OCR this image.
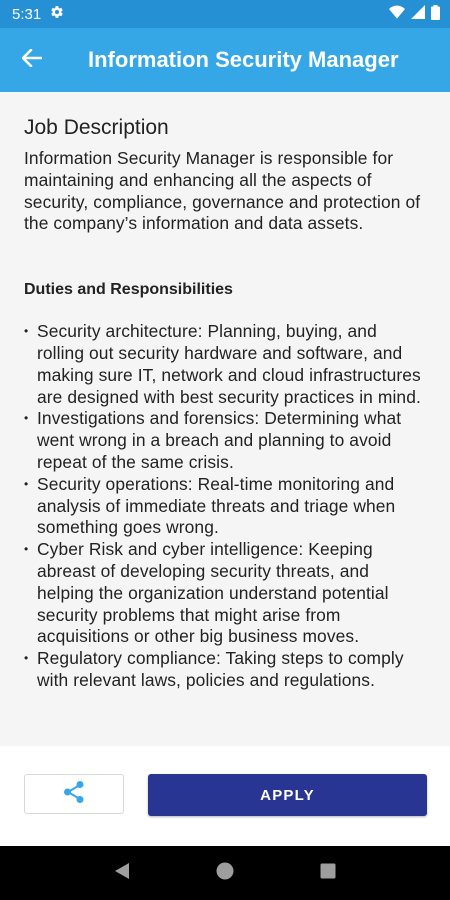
5:31
Information Security Manager
Job Description

Information Security Manager is responsible for maintaining and enhancing all the aspects of security, compliance, governance and protection of the company’s information and data assets.

Duties and Responsibilities
• Security architecture: Planning, buying, and rolling out security hardware and software, and making sure IT, network and cloud infrastructures are designed with best security practices in mind.
• Investigations and forensics: Determining what went wrong in a breach and planning to avoid repeat of the same crisis.
• Security operations: Real-time monitoring and analysis of immediate threats and triage when something goes wrong.
• Cyber Risk and cyber intelligence: Keeping abreast of developing security threats, and helping the organization understand potential security problems that might arise from acquisitions or other big business moves.
• Regulatory compliance: Taking steps to comply with relevant laws, policies and regulations.
APPLY
